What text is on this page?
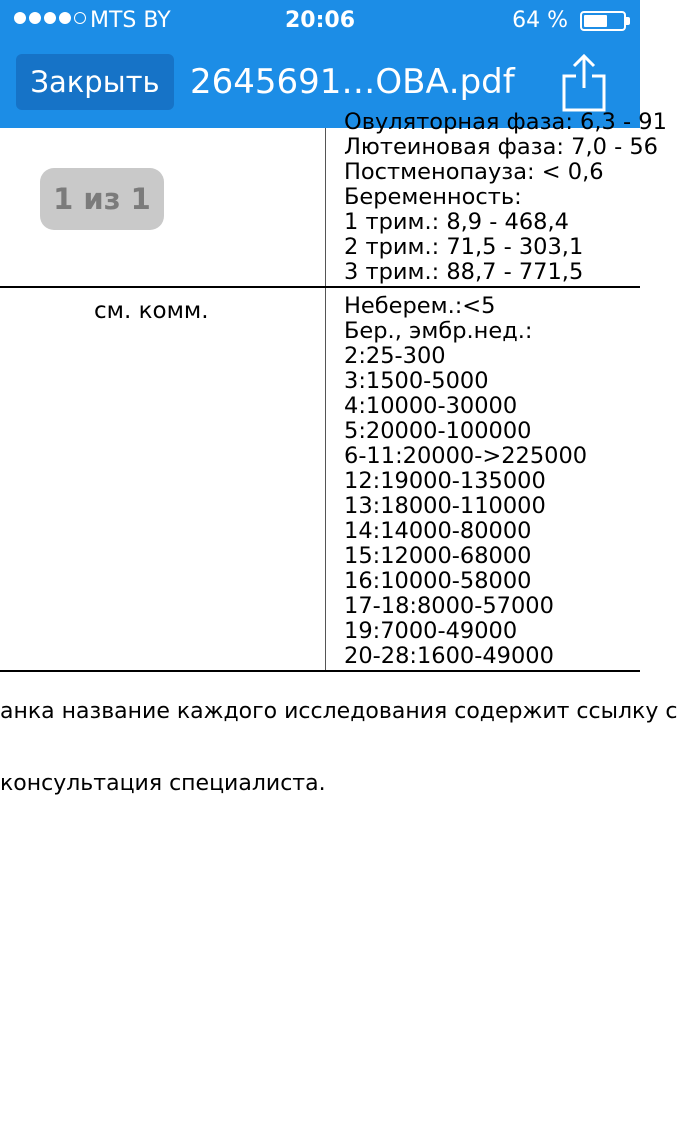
MTS BY	20:06	64 %
Закрыть 2645691…ОВА.pdf
Овуляторная фаза: 6,3 - 91
Лютеиновая фаза: 7,0 - 56
Постменопауза: < 0,6
Беременность:
1 трим.: 8,9 - 468,4
2 трим.: 71,5 - 303,1
3 трим.: 88,7 - 771,5
см. комм.	Неберем.:<5
Бер., эмбр.нед.:
2:25-300
3:1500-5000
4:10000-30000
5:20000-100000
6-11:20000->225000
12:19000-135000
13:18000-110000
14:14000-80000
15:12000-68000
16:10000-58000
17-18:8000-57000
19:7000-49000
20-28:1600-49000
анка название каждого исследования содержит ссылку с
консультация специалиста.
1 из 1
